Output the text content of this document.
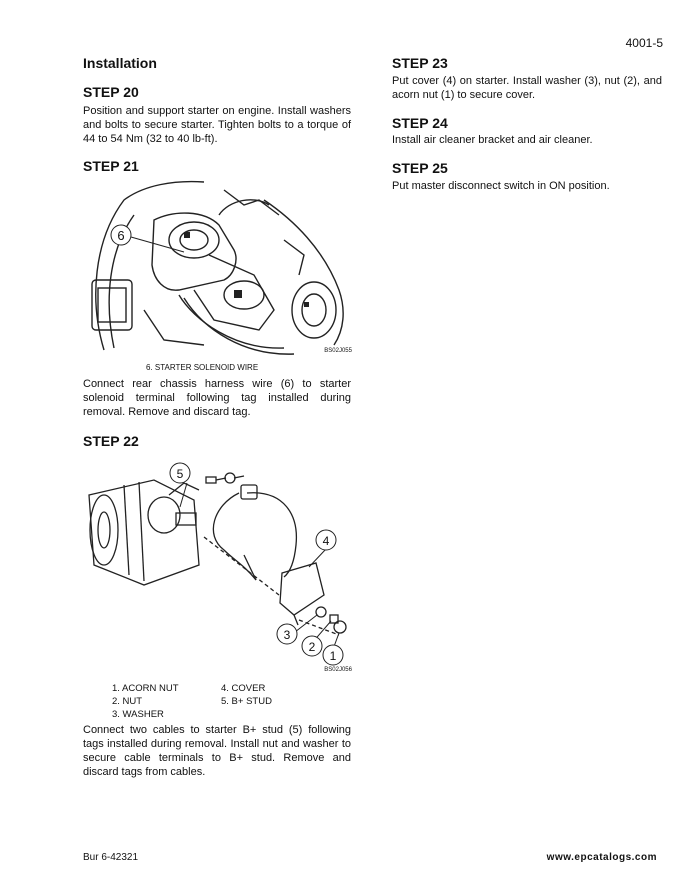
4001-5
Installation
STEP 20
Position and support starter on engine. Install washers and bolts to secure starter. Tighten bolts to a torque of 44 to 54 Nm (32 to 40 lb-ft).
STEP 21
6
BS02J055
6. STARTER SOLENOID WIRE
Connect rear chassis harness wire (6) to starter solenoid terminal following tag installed during removal. Remove and discard tag.
STEP 22
5
4
3
2
1
BS02J056
1. ACORN NUT
2. NUT
3. WASHER
4. COVER
5. B+ STUD
Connect two cables to starter B+ stud (5) following tags installed during removal. Install nut and washer to secure cable terminals to B+ stud. Remove and discard tags from cables.
STEP 23
Put cover (4) on starter. Install washer (3), nut (2), and acorn nut (1) to secure cover.
STEP 24
Install air cleaner bracket and air cleaner.
STEP 25
Put master disconnect switch in ON position.
Bur 6-42321	www.epcatalogs.com
